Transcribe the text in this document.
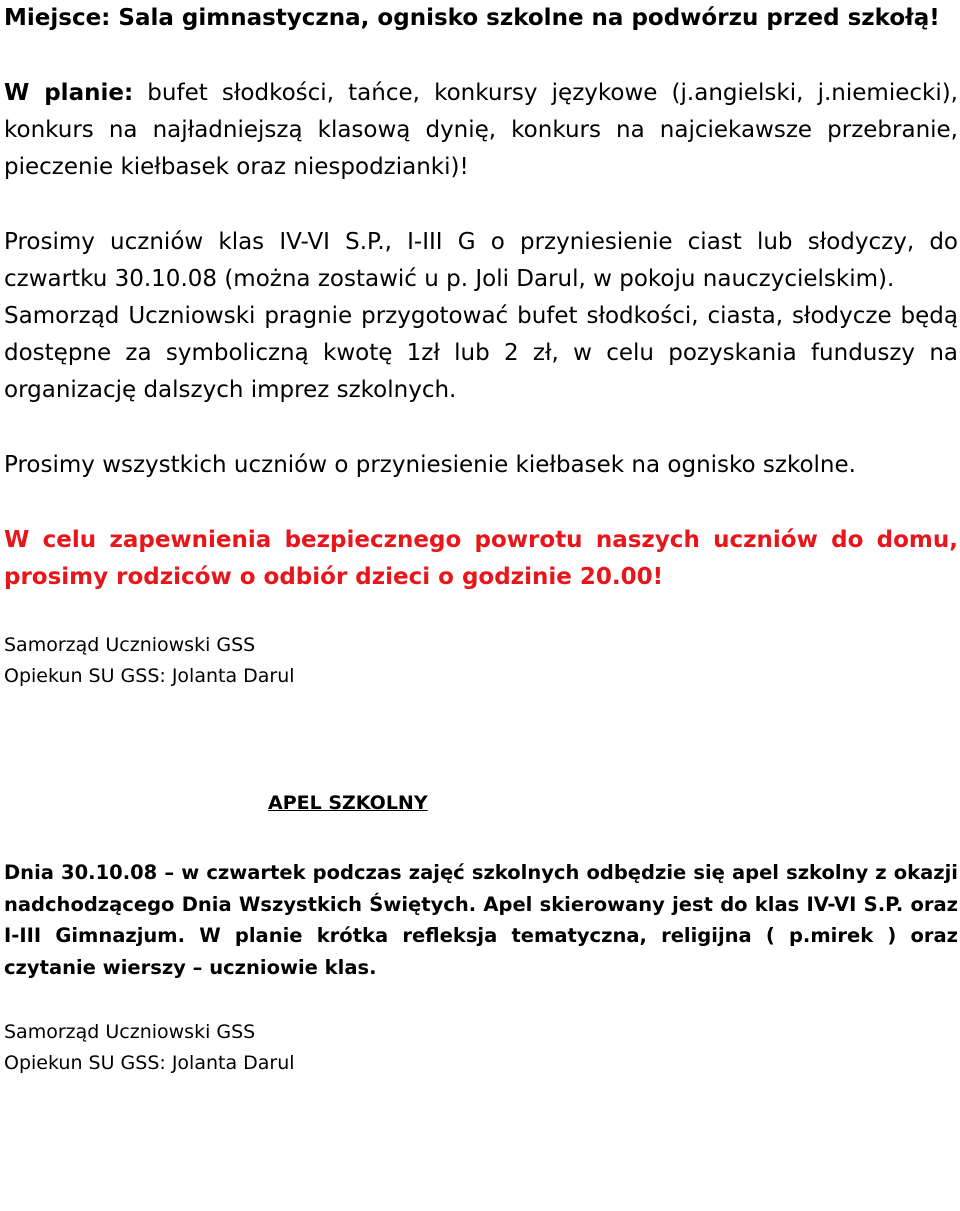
Miejsce: Sala gimnastyczna, ognisko szkolne na podwórzu przed szkołą!

W planie: bufet słodkości, tańce, konkursy językowe (j.angielski, j.niemiecki), konkurs na najładniejszą klasową dynię, konkurs na najciekawsze przebranie, pieczenie kiełbasek oraz niespodzianki)!

Prosimy uczniów klas IV-VI S.P., I-III G o przyniesienie ciast lub słodyczy, do czwartku 30.10.08 (można zostawić u p. Joli Darul, w pokoju nauczycielskim).

Samorząd Uczniowski pragnie przygotować bufet słodkości, ciasta, słodycze będą dostępne za symboliczną kwotę 1zł lub 2 zł, w celu pozyskania funduszy na organizację dalszych imprez szkolnych.

Prosimy wszystkich uczniów o przyniesienie kiełbasek na ognisko szkolne.

W celu zapewnienia bezpiecznego powrotu naszych uczniów do domu, prosimy rodziców o odbiór dzieci o godzinie 20.00!

Samorząd Uczniowski GSS

Opiekun SU GSS: Jolanta Darul

APEL SZKOLNY

Dnia 30.10.08 – w czwartek podczas zajęć szkolnych odbędzie się apel szkolny z okazji nadchodzącego Dnia Wszystkich Świętych. Apel skierowany jest do klas IV-VI S.P. oraz I-III Gimnazjum. W planie krótka refleksja tematyczna, religijna ( p.mirek ) oraz czytanie wierszy – uczniowie klas.

Samorząd Uczniowski GSS

Opiekun SU GSS: Jolanta Darul
